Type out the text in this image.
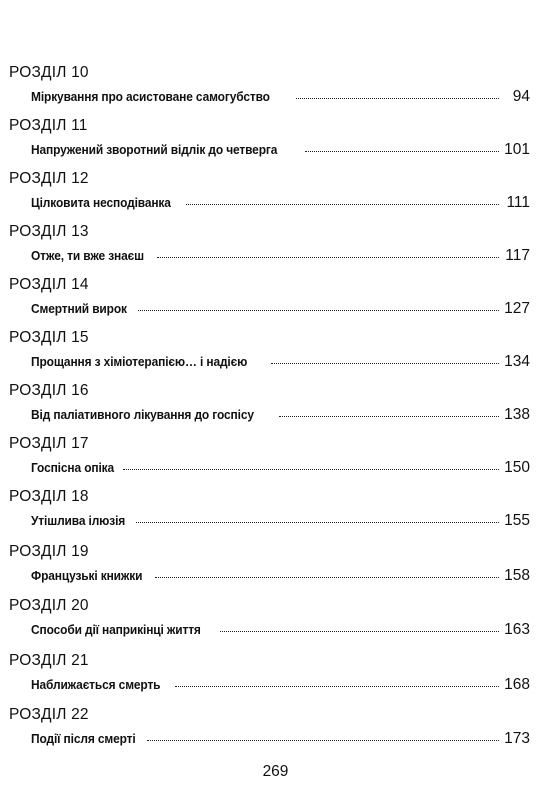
РОЗДІЛ 10
Міркування про асистоване самогубство	94
РОЗДІЛ 11
Напружений зворотний відлік до четверга	101
РОЗДІЛ 12
Цілковита несподіванка	111
РОЗДІЛ 13
Отже, ти вже знаєш	117
РОЗДІЛ 14
Смертний вирок	127
РОЗДІЛ 15
Прощання з хіміотерапією… і надією	134
РОЗДІЛ 16
Від паліативного лікування до госпісу	138
РОЗДІЛ 17
Госпісна опіка	150
РОЗДІЛ 18
Утішлива ілюзія	155
РОЗДІЛ 19
Французькі книжки	158
РОЗДІЛ 20
Способи дії наприкінці життя	163
РОЗДІЛ 21
Наближається смерть	168
РОЗДІЛ 22
Події після смерті	173
269
